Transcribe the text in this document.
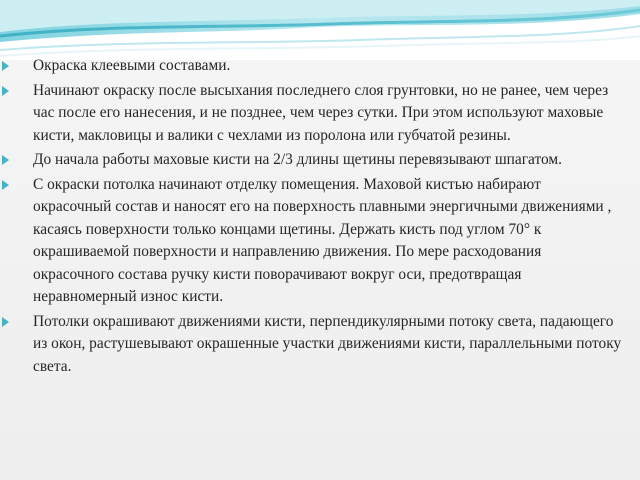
Окраска клеевыми составами.
Начинают окраску после высыхания последнего слоя грунтовки, но не ранее, чем через час после его нанесения, и не позднее, чем через сутки. При этом используют маховые кисти, макловицы и валики с чехлами из поролона или губчатой резины.
До начала работы маховые кисти на 2/3 длины щетины перевязывают шпагатом.
С окраски потолка начинают отделку помещения. Маховой кистью набирают окрасочный состав и наносят его на поверхность плавными энергичными движениями , касаясь поверхности только концами щетины. Держать кисть под углом 70° к окрашиваемой поверхности и направлению движения. По мере расходования окрасочного состава ручку кисти поворачивают вокруг оси, предотвращая неравномерный износ кисти.
Потолки окрашивают движениями кисти, перпендикулярными потоку света, падающего из окон, растушевывают окрашенные участки движениями кисти, параллельными потоку света.
